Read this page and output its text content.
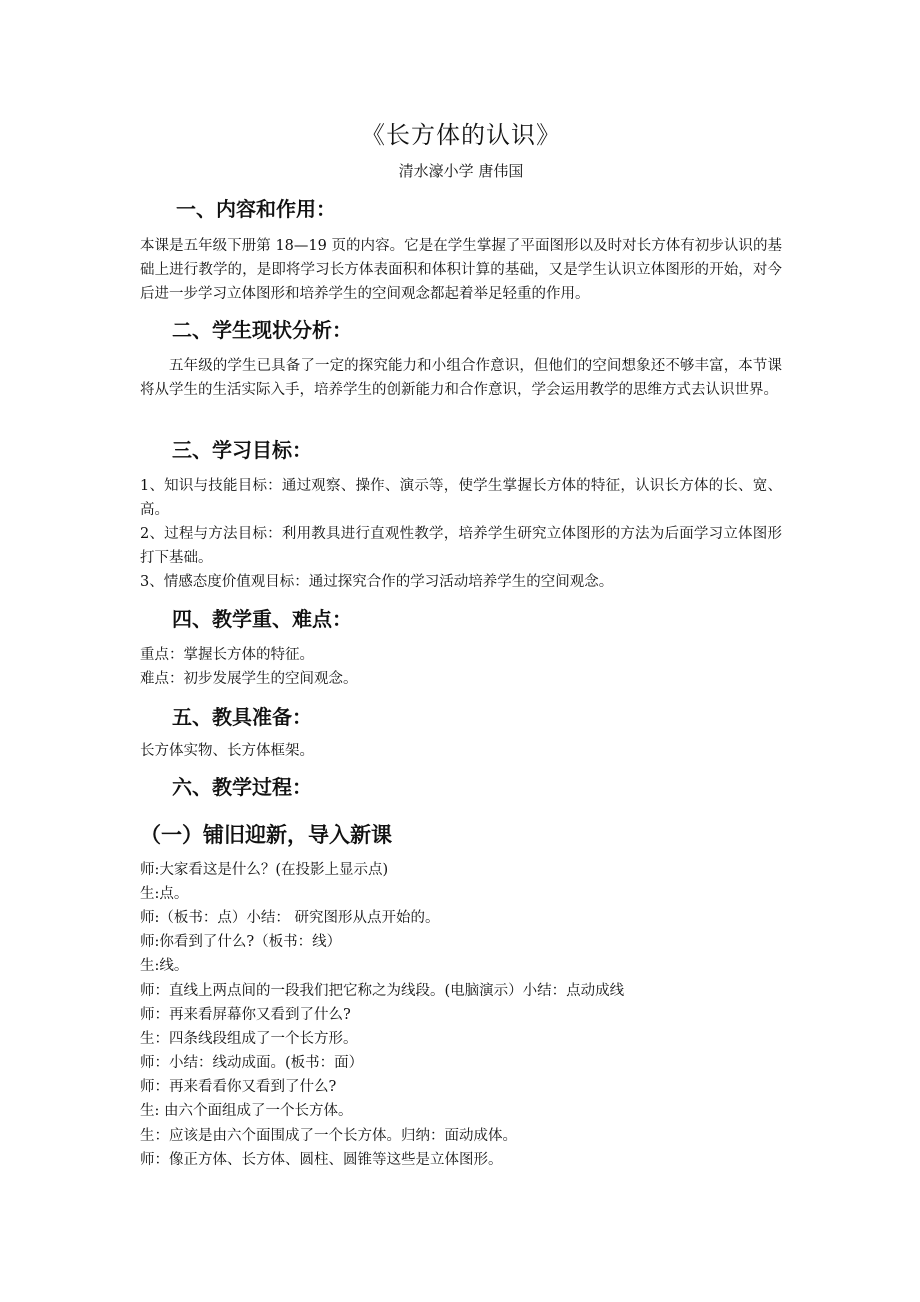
《长方体的认识》
清水濠小学 唐伟国
一、内容和作用：

本课是五年级下册第 18—19 页的内容。它是在学生掌握了平面图形以及时对长方体有初步认识的基础上进行教学的，是即将学习长方体表面积和体积计算的基础，又是学生认识立体图形的开始，对今后进一步学习立体图形和培养学生的空间观念都起着举足轻重的作用。

二、学生现状分析：

五年级的学生已具备了一定的探究能力和小组合作意识，但他们的空间想象还不够丰富，本节课将从学生的生活实际入手，培养学生的创新能力和合作意识，学会运用教学的思维方式去认识世界。

三、学习目标：

1、知识与技能目标：通过观察、操作、演示等，使学生掌握长方体的特征，认识长方体的长、宽、高。

2、过程与方法目标：利用教具进行直观性教学，培养学生研究立体图形的方法为后面学习立体图形打下基础。

3、情感态度价值观目标：通过探究合作的学习活动培养学生的空间观念。

四、教学重、难点：
重点：掌握长方体的特征。
难点：初步发展学生的空间观念。
五、教具准备：
长方体实物、长方体框架。
六、教学过程：
（一）铺旧迎新，导入新课
师:大家看这是什么？(在投影上显示点)
生:点。
师:（板书：点）小结： 研究图形从点开始的。
师:你看到了什么?（板书：线）
生:线。
师：直线上两点间的一段我们把它称之为线段。(电脑演示）小结：点动成线
师：再来看屏幕你又看到了什么?
生：四条线段组成了一个长方形。
师：小结：线动成面。(板书：面）
师：再来看看你又看到了什么?
生: 由六个面组成了一个长方体。
生：应该是由六个面围成了一个长方体。归纳：面动成体。
师：像正方体、长方体、圆柱、圆锥等这些是立体图形。
